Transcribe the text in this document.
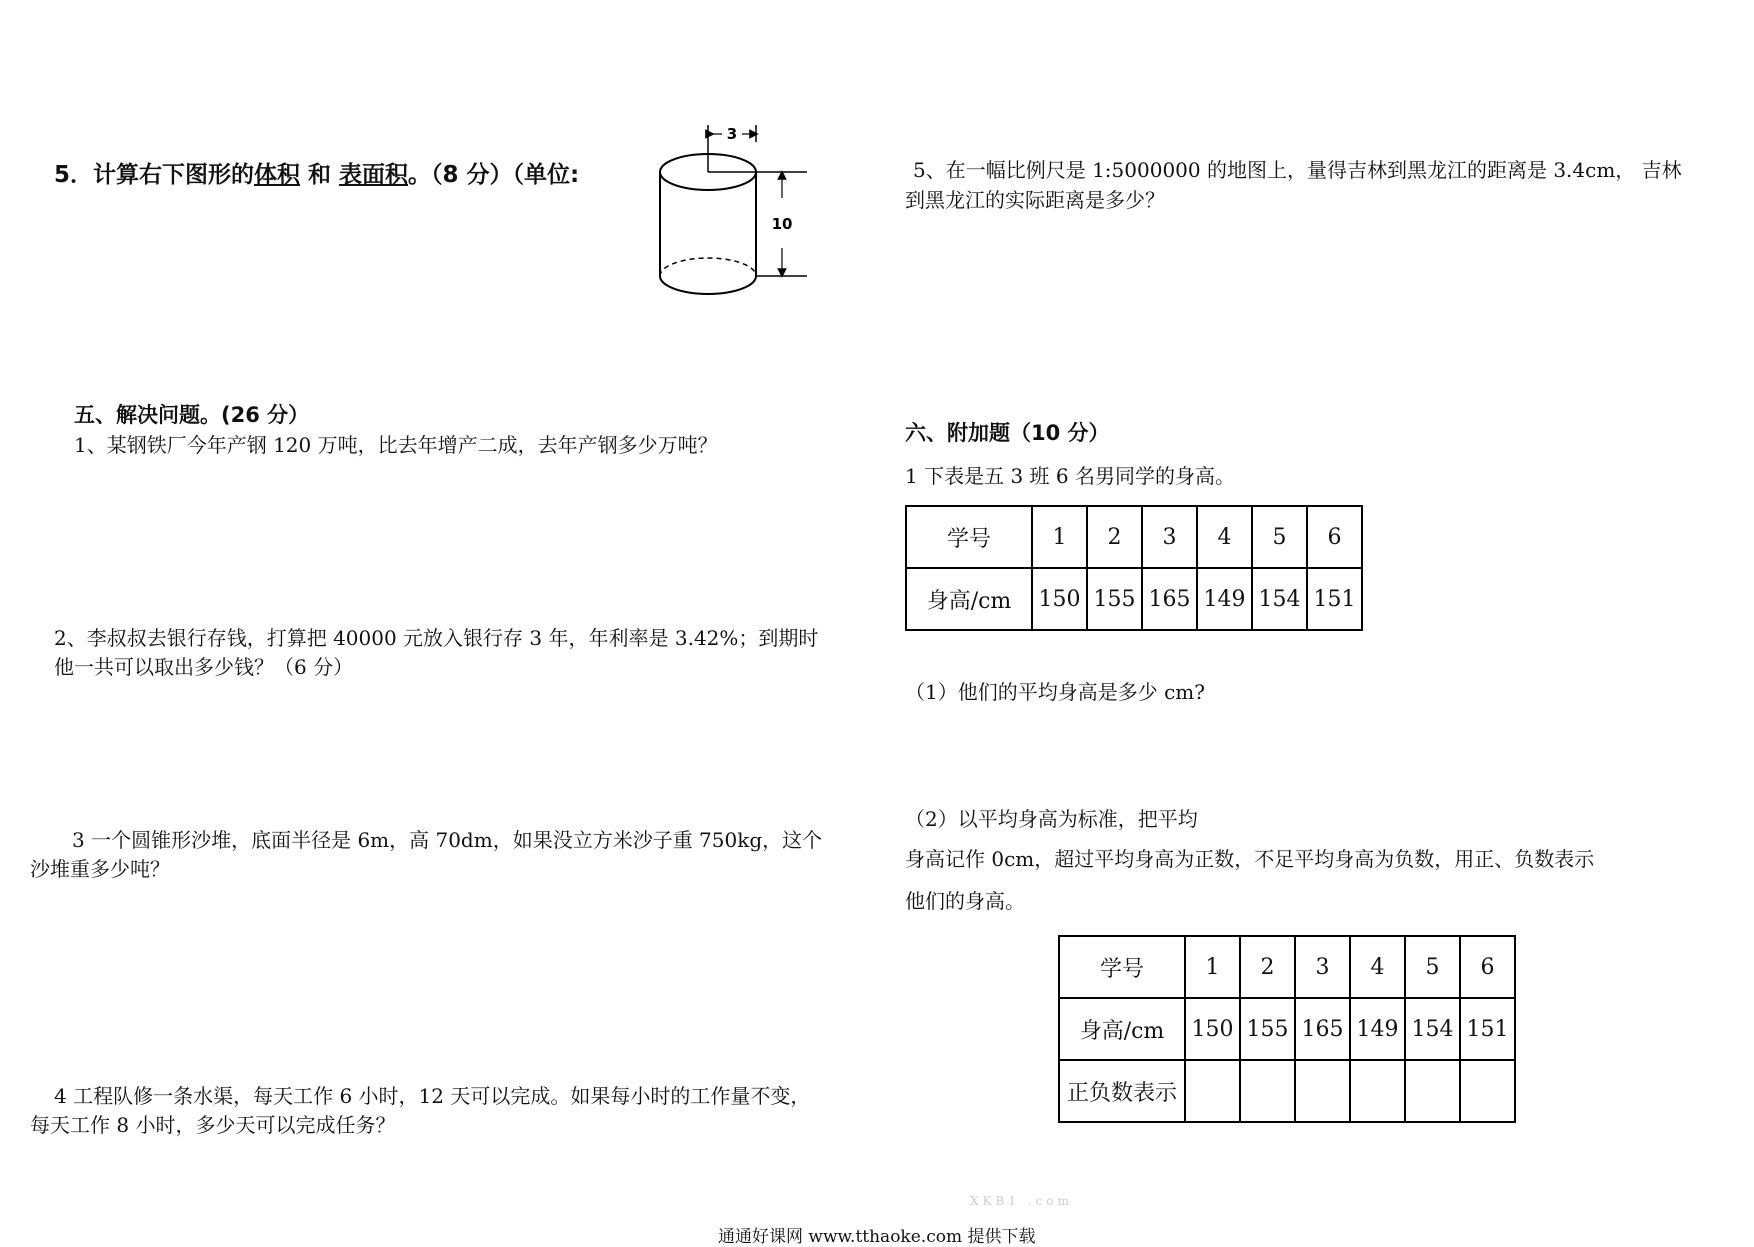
5．计算右下图形的体积 和 表面积。（8 分）（单位:
3
10
五、解决问题。(26 分）
1、某钢铁厂今年产钢 120 万吨，比去年增产二成，去年产钢多少万吨？
2、李叔叔去银行存钱，打算把 40000 元放入银行存 3 年，年利率是 3.42%；到期时
他一共可以取出多少钱？（6 分）
3 一个圆锥形沙堆，底面半径是 6m，高 70dm，如果没立方米沙子重 750kg，这个
沙堆重多少吨？
4 工程队修一条水渠，每天工作 6 小时，12 天可以完成。如果每小时的工作量不变，
每天工作 8 小时，多少天可以完成任务？
5、在一幅比例尺是 1:5000000 的地图上，量得吉林到黑龙江的距离是 3.4cm， 吉林
到黑龙江的实际距离是多少？
六、附加题（10 分）
1 下表是五 3 班 6 名男同学的身高。
学号	1	2	3	4	5	6
身高/cm	150	155	165	149	154	151
（1）他们的平均身高是多少 cm?
（2）以平均身高为标准，把平均
身高记作 0cm，超过平均身高为正数，不足平均身高为负数，用正、负数表示
他们的身高。
学号	1	2	3	4	5	6
身高/cm	150	155	165	149	154	151
正负数表示						
XKB1 .com
通通好课网 www.tthaoke.com 提供下载
